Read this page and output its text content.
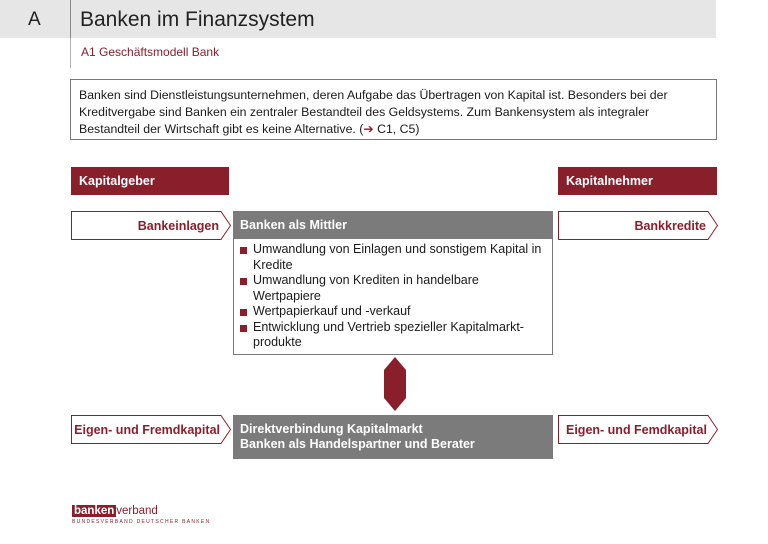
A Banken im Finanzsystem
A1 Geschäftsmodell Bank
Banken sind Dienstleistungsunternehmen, deren Aufgabe das Übertragen von Kapital ist. Besonders bei der Kreditvergabe sind Banken ein zentraler Bestandteil des Geldsystems. Zum Bankensystem als integraler Bestandteil der Wirtschaft gibt es keine Alternative. (➔ C1, C5)
Kapitalgeber	Kapitalnehmer
Bankeinlagen	Banken als Mittler
Umwandlung von Einlagen und sonstigem Kapital in Kredite
Umwandlung von Krediten in handelbare Wertpapiere
Wertpapierkauf und -verkauf
Entwicklung und Vertrieb spezieller Kapitalmarkt-produkte
Bankkredite
Eigen- und Fremdkapital Direktverbindung Kapitalmarkt
Banken als Handelspartner und Berater
Eigen- und Femdkapital
banken verband
BUNDESVERBAND DEUTSCHER BANKEN
